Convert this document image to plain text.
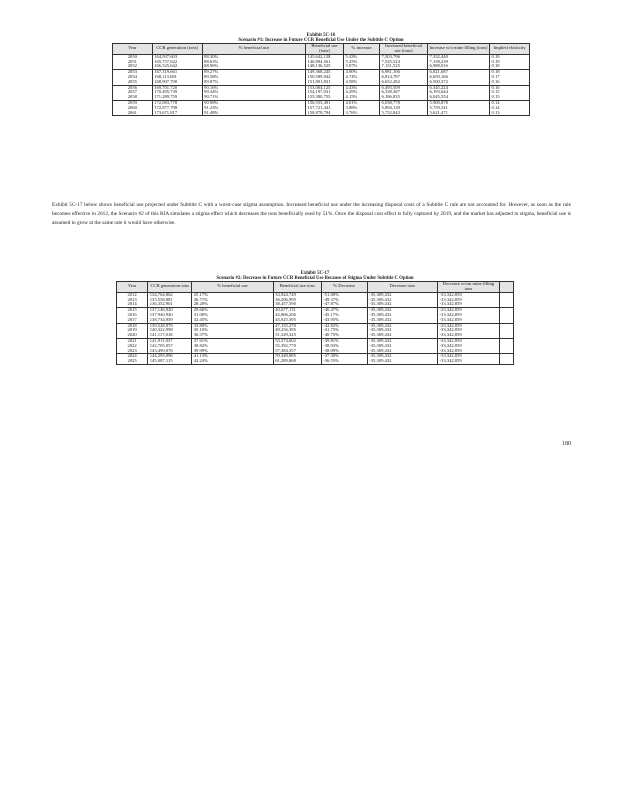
Exhibit 5C-16							
Scenario #1: Increase in Future CCR Beneficial Use Under the Subtitle C Option							
Year	CCR generation (tons)	% beneficial use	Beneficial use (tons)	% increase	Increased beneficial use (tons)	Increase w/o mine filling (tons)	Implied elasticity
2050	164,937,603	88.30%	145,642,128	5.43%	7,503,796	7,332,440	0.19
2051	165,757,622	88.63%	146,894,561	5.25%	7,525,524	7,158,239	0.19
2052	166,525,642	88.96%	148,136,525	5.07%	7,151,525	6,988,016	0.18
2053	167,319,661	89.27%	149,368,245	4.90%	6,981,106	6,821,687	0.18
2054	168,113,681	89.58%	150,589,942	4.74%	6,814,787	6,659,166	0.17
2055	168,907,700	89.87%	151,801,831	4.58%	6,652,282	6,500,372	0.16
2056	169,701,720	90.16%	153,004,125	4.43%	6,493,509	6,345,224	0.16
2057	170,495,739	90.44%	154,197,031	4.29%	6,338,387	6,193,644	0.15
2058	171,289,759	90.71%	155,380,755	4.15%	6,186,835	6,045,554	0.15
2059	172,083,778	90.98%	156,555,491	4.01%	6,038,778	5,900,878	0.14
2060	172,877,798	91.23%	157,721,441	3.88%	5,894,139	5,759,541	0.14
2061	173,671,817	91.48%	158,878,794	3.76%	5,752,842	5,621,471	0.13

Exhibit 5C-17 below shows beneficial use projected under Subtitle C with a worst-case stigma assumption. Increased beneficial use under the increasing disposal costs of a Subtitle C rule are not accounted for. However, as soon as the rule becomes effective in 2012, the Scenario #2 of this RIA simulates a stigma effect which decreases the tons beneficially used by 51%. Once the disposal cost effect is fully captured by 2019, and the market has adjusted to stigma, beneficial use is assumed to grow at the same rate it would have otherwise.

Exhibit 5C-17							
Scenario #2: Decrease in Future CCR Beneficial Use Because of Stigma Under Subtitle C Option							
Year	CCR generation tons	% beneficial use	Beneficial use tons	% Decrease	Decrease tons	Decrease w/out mine filling tons	
2012	134,764,862	25.17%	33,924,749	-51.00%	-35,309,432	-33,342,859	
2013	135,558,881	26.71%	36,206,995	-49.37%	-35,309,432	-33,342,859	
2014	136,352,901	28.20%	38,457,590	-47.87%	-35,309,432	-33,342,859	
2015	137,146,920	29.66%	40,677,131	-46.47%	-35,309,432	-33,342,859	
2016	137,940,940	31.08%	42,866,206	-45.17%	-35,309,432	-33,342,859	
2017	138,734,959	32.45%	45,025,395	-43.95%	-35,309,432	-33,342,859	
2018	139,528,979	33.80%	47,155,270	-42.82%	-35,309,432	-33,342,859	
2019	140,322,998	35.10%	49,256,395	-41.75%	-35,309,432	-33,342,859	
2020	141,117,018	36.37%	51,329,325	-40.75%	-35,309,432	-33,342,859	
2021	141,911,037	37.61%	53,374,602	-39.81%	-35,309,432	-33,342,859	
2022	142,705,057	38.82%	55,392,770	-38.93%	-35,309,432	-33,342,859	
2023	143,499,076	39.99%	57,384,357	-38.09%	-35,309,432	-33,342,859	
2024	144,293,096	41.13%	59,349,885	-37.30%	-35,309,432	-33,342,859	
2025	145,087,115	42.24%	61,289,868	-36.55%	-35,309,432	-33,342,859	
180
